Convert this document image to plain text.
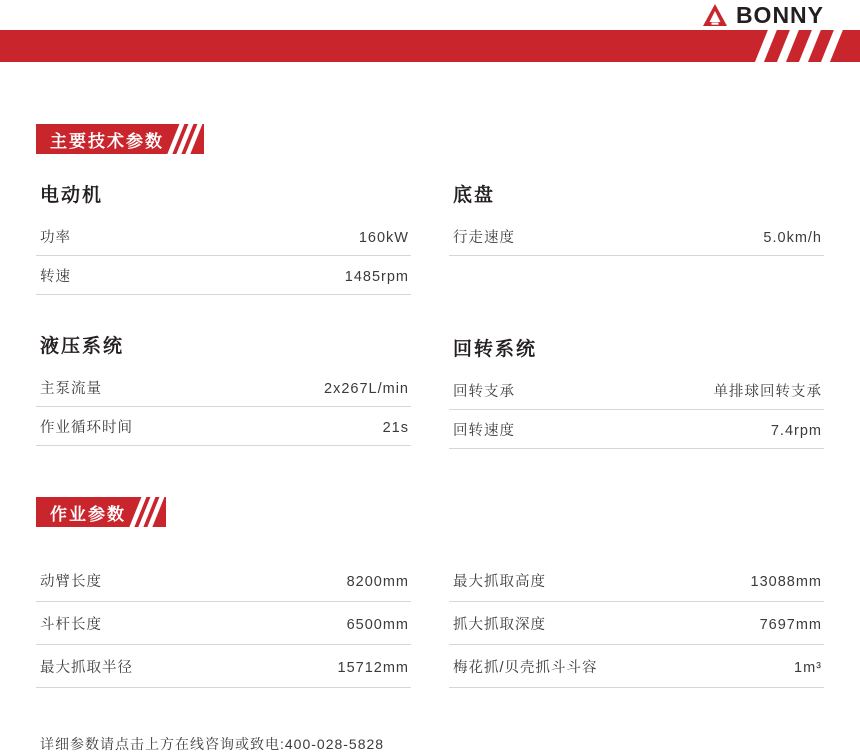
BONNY
主要技术参数
电动机
功率	160kW
转速	1485rpm
液压系统
主泵流量	2x267L/min
作业循环时间	21s
底盘
行走速度	5.0km/h
回转系统
回转支承	单排球回转支承
回转速度	7.4rpm
作业参数
动臂长度	8200mm
斗杆长度	6500mm
最大抓取半径	15712mm
最大抓取高度	13088mm
抓大抓取深度	7697mm
梅花抓/贝壳抓斗斗容	1m³
详细参数请点击上方在线咨询或致电:400-028-5828
